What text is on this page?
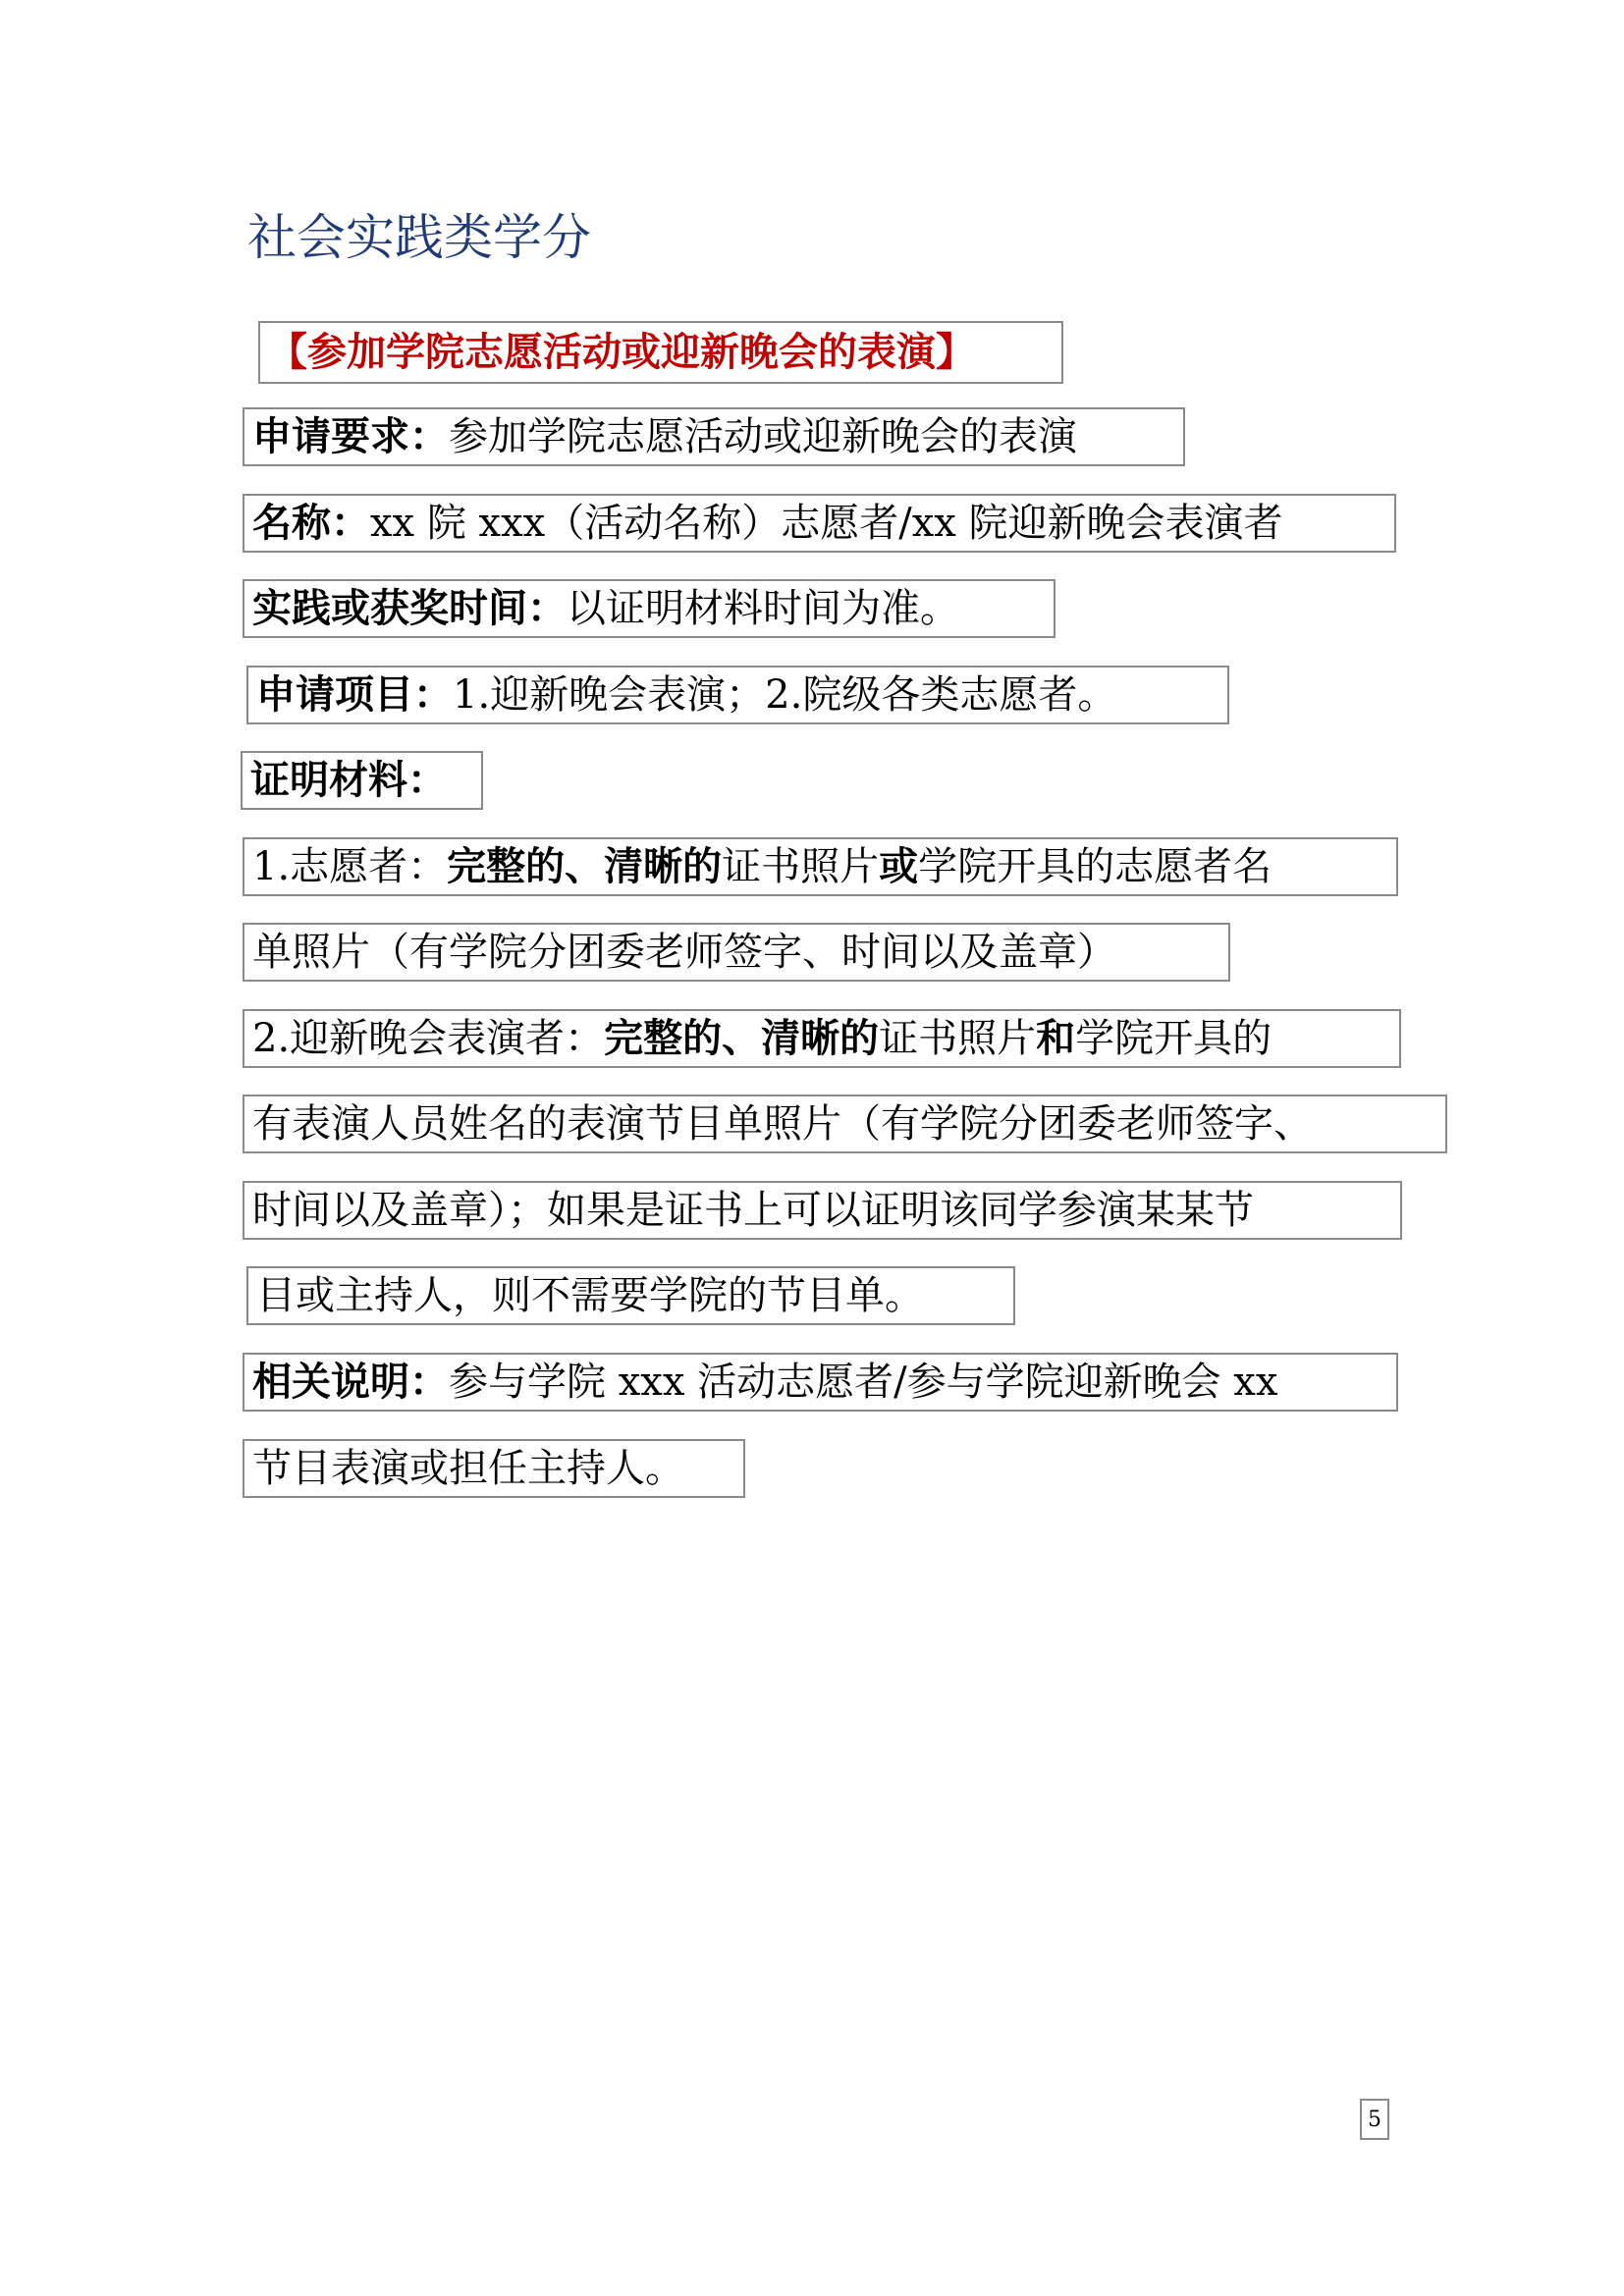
社会实践类学分
【参加学院志愿活动或迎新晚会的表演】
申请要求： 参加学院志愿活动或迎新晚会的表演
名称： xx 院 xxx（活动名称）志愿者/xx 院迎新晚会表演者
实践或获奖时间： 以证明材料时间为准。
申请项目： 1.迎新晚会表演；2.院级各类志愿者。
证明材料：
1.志愿者： 完整的、清晰的 证书照片 或 学院开具的志愿者名
单照片（有学院分团委老师签字、时间以及盖章）
2.迎新晚会表演者： 完整的、清晰的 证书照片 和 学院开具的
有表演人员姓名的表演节目单照片（有学院分团委老师签字、
时间以及盖章）；如果是证书上可以证明该同学参演某某节
目或主持人，则不需要学院的节目单。
相关说明： 参与学院 xxx 活动志愿者/参与学院迎新晚会 xx
节目表演或担任主持人。
5
